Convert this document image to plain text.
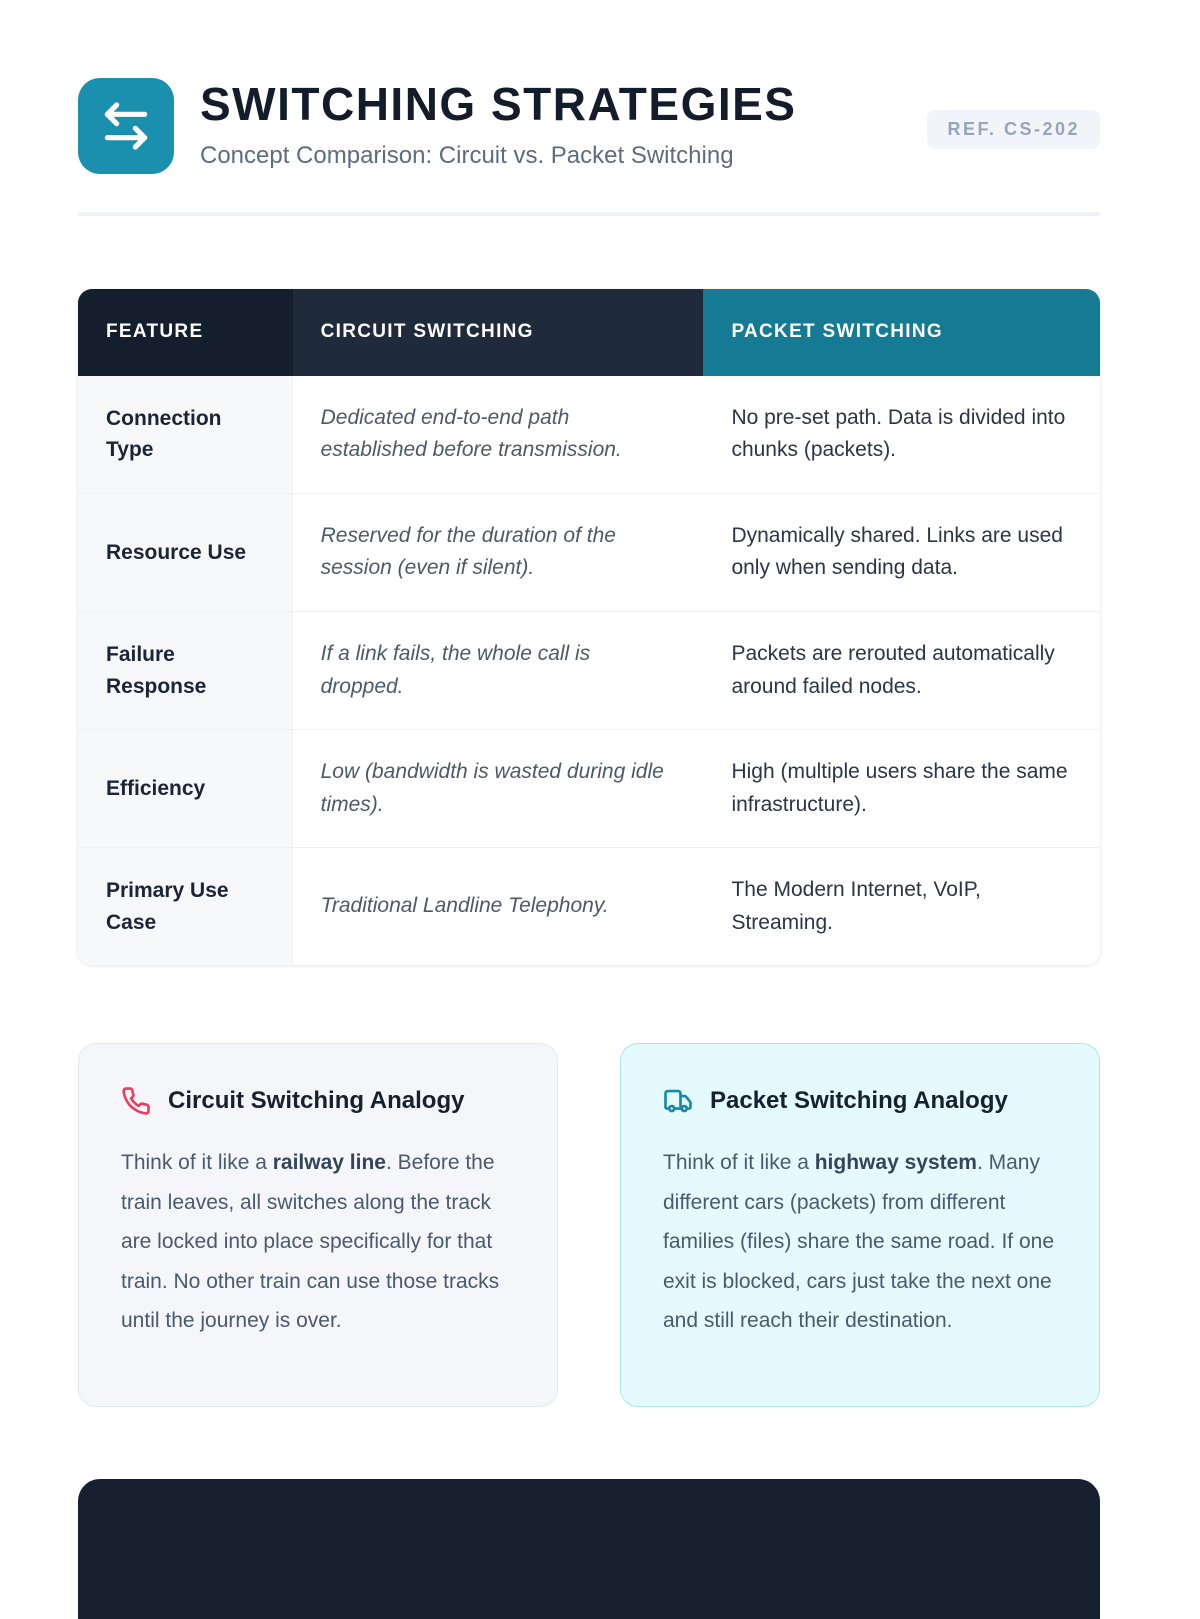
SWITCHING STRATEGIES
Concept Comparison: Circuit vs. Packet Switching
REF. CS-202
FEATURE	CIRCUIT SWITCHING	PACKET SWITCHING
Connection Type
Dedicated end-to-end path established before transmission.
No pre-set path. Data is divided into chunks (packets).
Resource Use
Reserved for the duration of the session (even if silent).
Dynamically shared. Links are used only when sending data.
Failure Response
If a link fails, the whole call is dropped.
Packets are rerouted automatically around failed nodes.
Efficiency
Low (bandwidth is wasted during idle times).
High (multiple users share the same infrastructure).
Primary Use Case
Traditional Landline Telephony.
The Modern Internet, VoIP, Streaming.
Circuit Switching Analogy

Think of it like a railway line. Before the train leaves, all switches along the track are locked into place specifically for that train. No other train can use those tracks until the journey is over.

Packet Switching Analogy

Think of it like a highway system. Many different cars (packets) from different families (files) share the same road. If one exit is blocked, cars just take the next one and still reach their destination.
